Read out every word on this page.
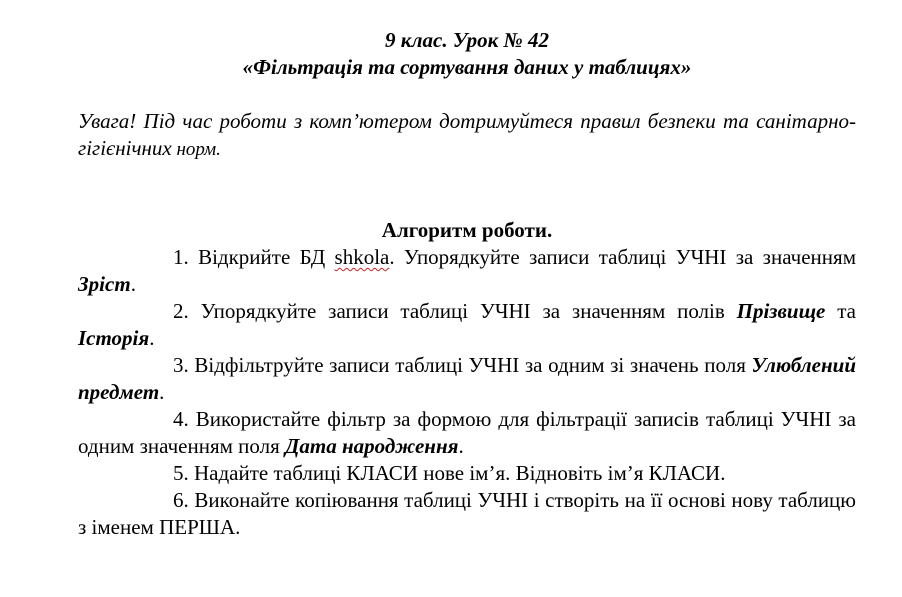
9 клас. Урок № 42
«Фільтрація та сортування даних у таблицях»
Увага! Під час роботи з комп’ютером дотримуйтеся правил безпеки та санітарно-гігієнічних норм.
Алгоритм роботи.
1. Відкрийте БД shkola. Упорядкуйте записи таблиці УЧНІ за значенням Зріст.
2. Упорядкуйте записи таблиці УЧНІ за значенням полів Прізвище та Історія.
3. Відфільтруйте записи таблиці УЧНІ за одним зі значень поля Улюблений предмет.
4. Використайте фільтр за формою для фільтрації записів таблиці УЧНІ за одним значенням поля Дата народження.
5. Надайте таблиці КЛАСИ нове ім’я. Відновіть ім’я КЛАСИ.
6. Виконайте копіювання таблиці УЧНІ і створіть на її основі нову таблицю з іменем ПЕРША.
